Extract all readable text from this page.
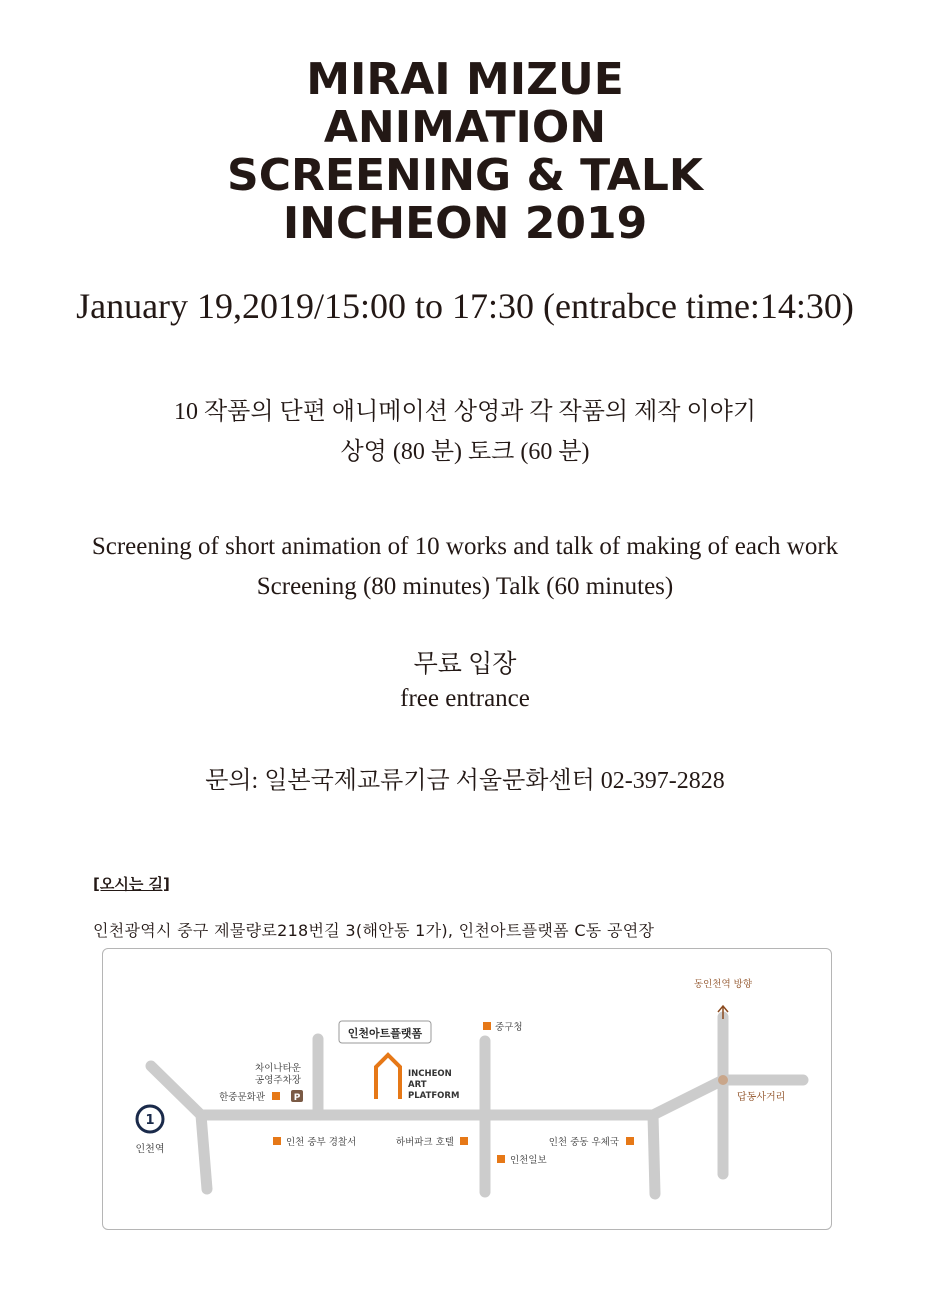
MIRAI MIZUE
ANIMATION
SCREENING & TALK
INCHEON 2019
January 19,2019/15:00 to 17:30 (entrabce time:14:30)
10 작품의 단편 애니메이션 상영과 각 작품의 제작 이야기
상영 (80 분) 토크 (60 분)
Screening of short animation of 10 works and talk of making of each work
Screening (80 minutes) Talk (60 minutes)
무료 입장
free entrance
문의: 일본국제교류기금 서울문화센터 02-397-2828
[오시는 길]
인천광역시 중구 제물량로218번길 3(해안동 1가), 인천아트플랫폼 C동 공연장
동인천역 방향
답동사거리
1
인천역
차이나타운
공영주차장
P
한중문화관
인천아트플랫폼
INCHEON
ART
PLATFORM
중구청
인천 중부 경찰서	하버파크 호텔
인천일보
인천 중동 우체국
